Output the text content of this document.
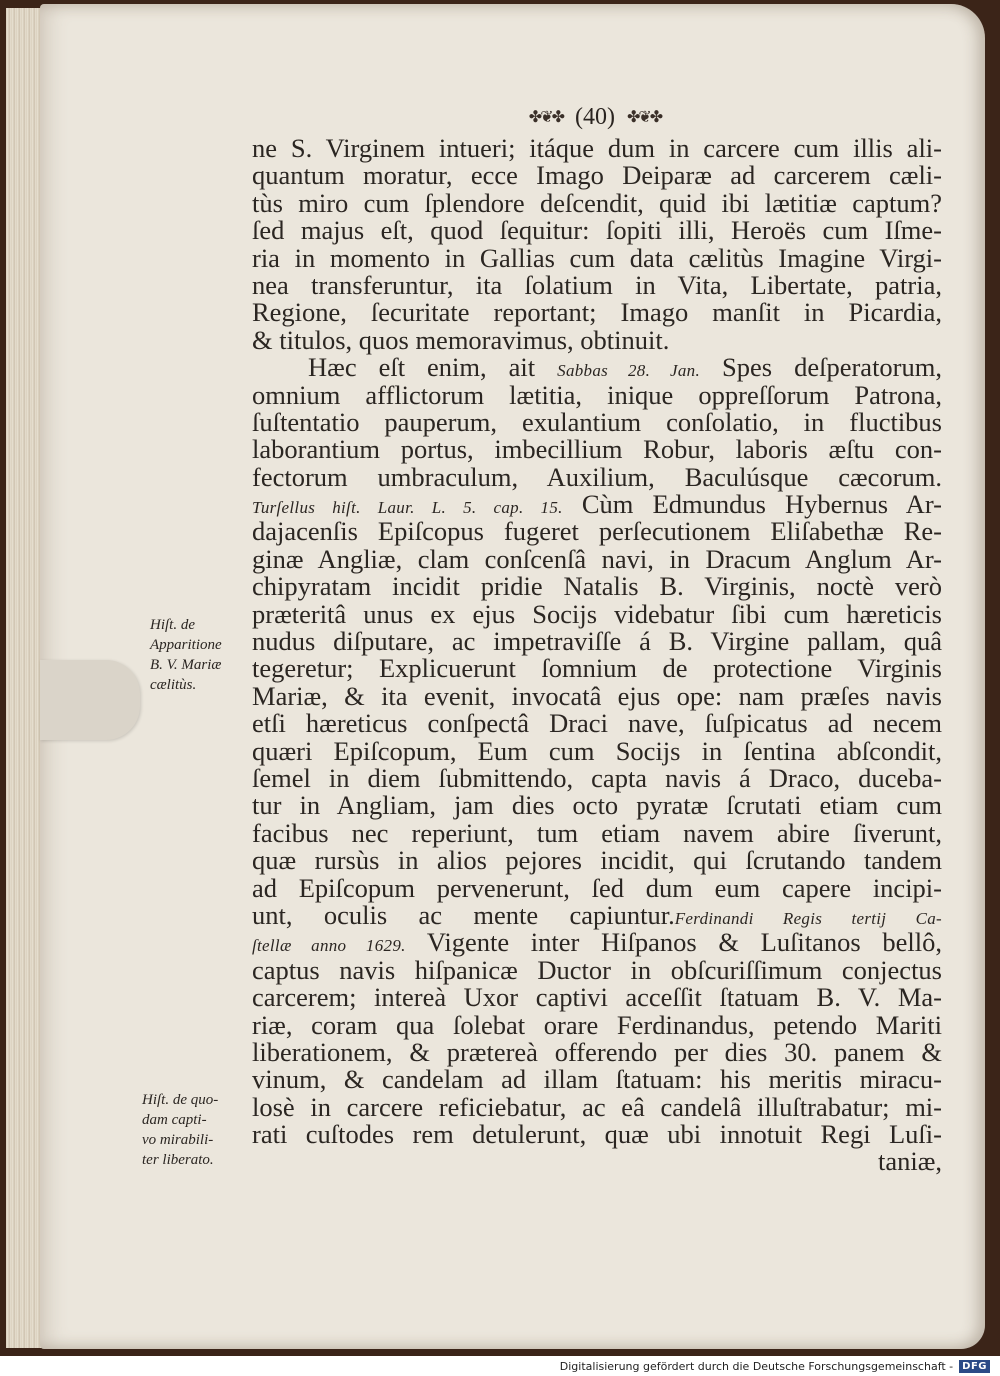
✤❦✤ (40) ✤❦✤
ne S. Virginem intueri; itáque dum in carcere cum illis ali-
quantum moratur, ecce Imago Deiparæ ad carcerem cæli-
tùs miro cum ſplendore deſcendit, quid ibi lætitiæ captum?
ſed majus eſt, quod ſequitur: ſopiti illi, Heroës cum Iſme-
ria in momento in Gallias cum data cælitùs Imagine Virgi-
nea transferuntur, ita ſolatium in Vita, Libertate, patria,
Regione, ſecuritate reportant; Imago manſit in Picardia,
& titulos, quos memoravimus, obtinuit.
Hæc eſt enim, ait Sabbas 28. Jan. Spes deſperatorum,
omnium afflictorum lætitia, inique oppreſſorum Patrona,
ſuſtentatio pauperum, exulantium conſolatio, in fluctibus
laborantium portus, imbecillium Robur, laboris æſtu con-
fectorum umbraculum, Auxilium, Baculúsque cæcorum.
Turſellus hiſt. Laur. L. 5. cap. 15. Cùm Edmundus Hybernus Ar-
dajacenſis Epiſcopus fugeret perſecutionem Eliſabethæ Re-
ginæ Angliæ, clam conſcenſâ navi, in Dracum Anglum Ar-
chipyratam incidit pridie Natalis B. Virginis, noctè verò
præteritâ unus ex ejus Socijs videbatur ſibi cum hæreticis
nudus diſputare, ac impetraviſſe á B. Virgine pallam, quâ
tegeretur; Explicuerunt ſomnium de protectione Virginis
Mariæ, & ita evenit, invocatâ ejus ope: nam præſes navis
etſi hæreticus conſpectâ Draci nave, ſuſpicatus ad necem
quæri Epiſcopum, Eum cum Socijs in ſentina abſcondit,
ſemel in diem ſubmittendo, capta navis á Draco, duceba-
tur in Angliam, jam dies octo pyratæ ſcrutati etiam cum
facibus nec reperiunt, tum etiam navem abire ſiverunt,
quæ rursùs in alios pejores incidit, qui ſcrutando tandem
ad Epiſcopum pervenerunt, ſed dum eum capere incipi-
unt, oculis ac mente capiuntur.Ferdinandi Regis tertij Ca-
ſtellæ anno 1629. Vigente inter Hiſpanos & Luſitanos bellô,
captus navis hiſpanicæ Ductor in obſcuriſſimum conjectus
carcerem; intereà Uxor captivi acceſſit ſtatuam B. V. Ma-
riæ, coram qua ſolebat orare Ferdinandus, petendo Mariti
liberationem, & prætereà offerendo per dies 30. panem &
vinum, & candelam ad illam ſtatuam: his meritis miracu-
losè in carcere reficiebatur, ac eâ candelâ illuſtrabatur; mi-
rati cuſtodes rem detulerunt, quæ ubi innotuit Regi Luſi-
taniæ,
Hiſt. de
Apparitione
B. V. Mariæ
cælitùs.
Hiſt. de quo-
dam capti-
vo mirabili-
ter liberato.
Digitalisierung gefördert durch die Deutsche Forschungsgemeinschaft - DFG
